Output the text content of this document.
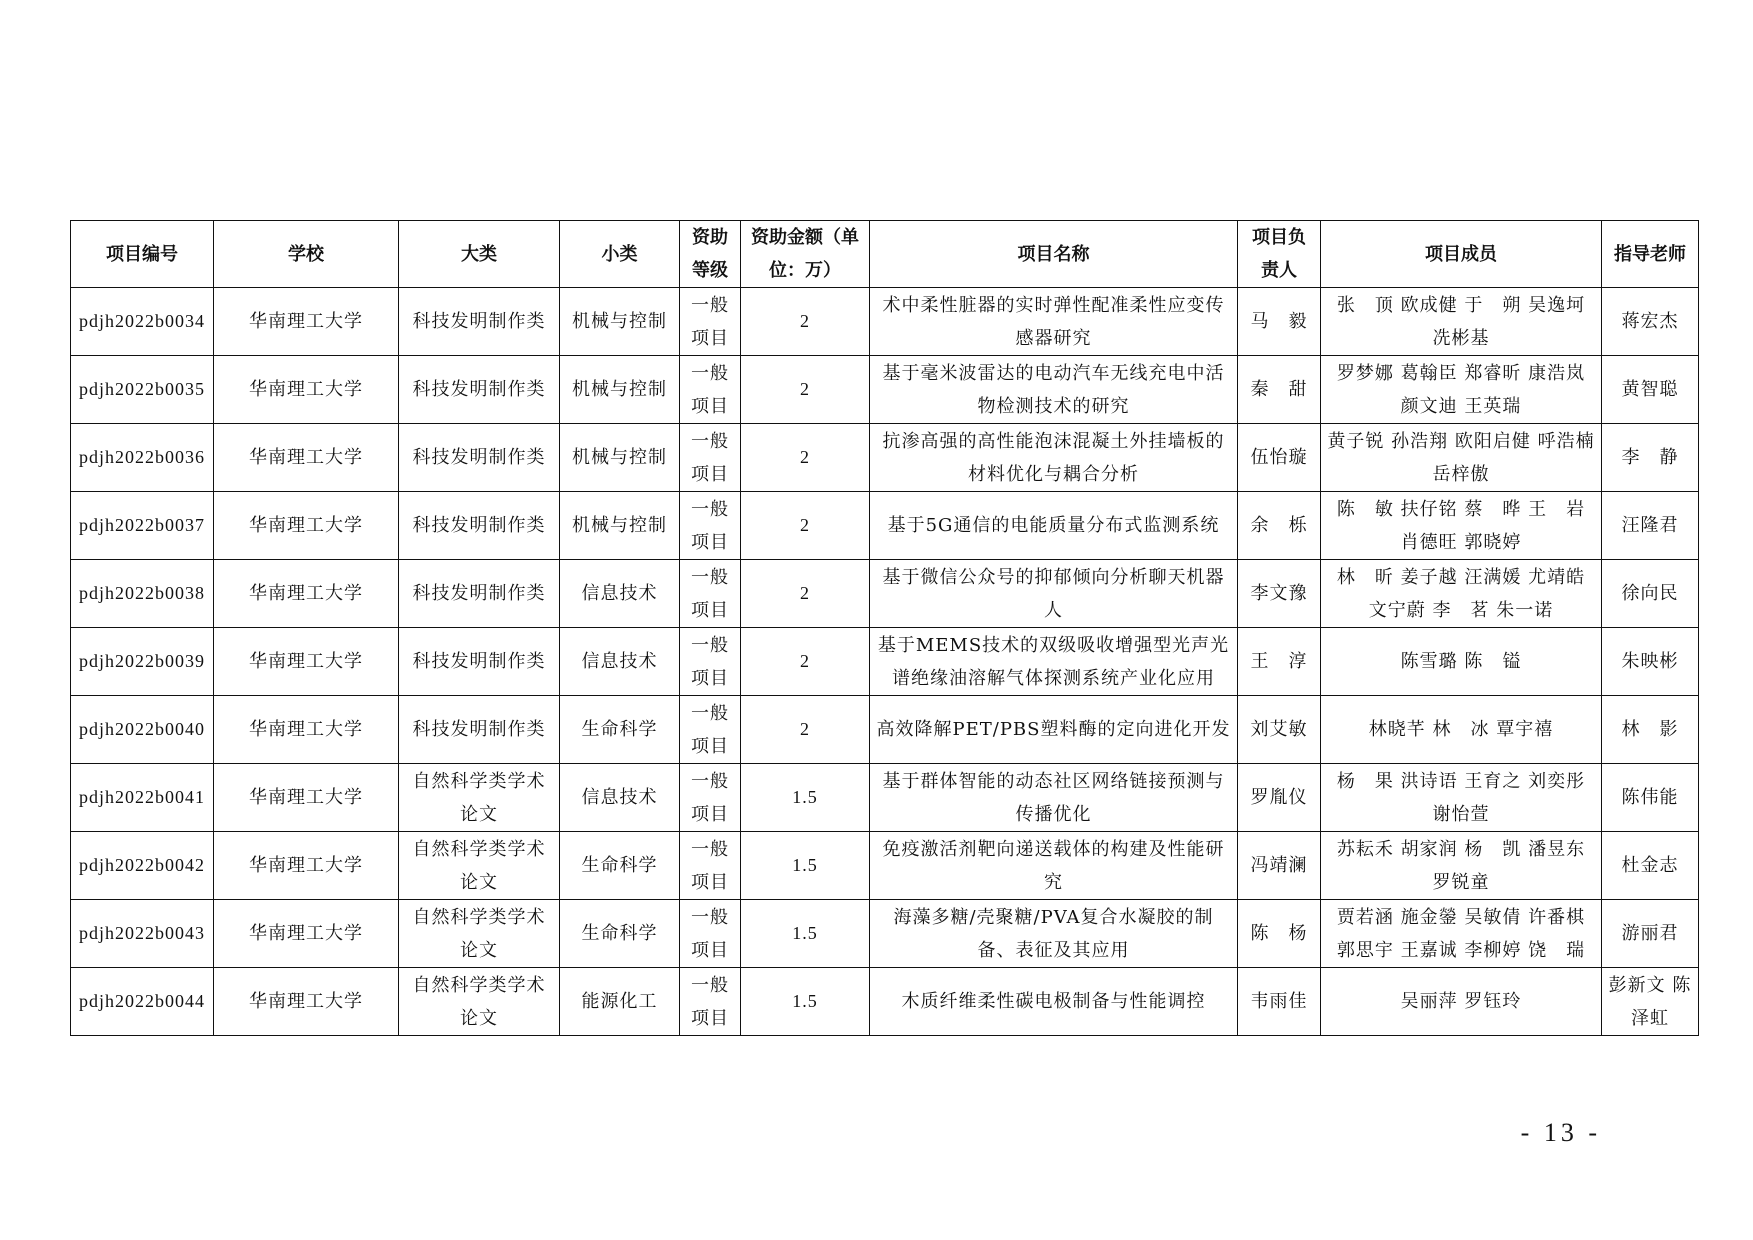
项目编号	学校	大类	小类	资助等级	资助金额（单位：万）	项目名称	项目负责人	项目成员	指导老师
pdjh2022b0034	华南理工大学	科技发明制作类	机械与控制	一般项目	2	术中柔性脏器的实时弹性配准柔性应变传感器研究	马　毅	张　顶 欧成健 于　朔 吴逸坷 冼彬基	蒋宏杰
pdjh2022b0035	华南理工大学	科技发明制作类	机械与控制	一般项目	2	基于毫米波雷达的电动汽车无线充电中活物检测技术的研究	秦　甜	罗梦娜 葛翰臣 郑睿昕 康浩岚 颜文迪 王英瑞	黄智聪
pdjh2022b0036	华南理工大学	科技发明制作类	机械与控制	一般项目	2	抗渗高强的高性能泡沫混凝土外挂墙板的材料优化与耦合分析	伍怡璇	黄子锐 孙浩翔 欧阳启健 呼浩楠 岳梓傲	李　静
pdjh2022b0037	华南理工大学	科技发明制作类	机械与控制	一般项目	2	基于5G通信的电能质量分布式监测系统	余　栎	陈　敏 扶仔铭 蔡　晔 王　岩 肖德旺 郭晓婷	汪隆君
pdjh2022b0038	华南理工大学	科技发明制作类	信息技术	一般项目	2	基于微信公众号的抑郁倾向分析聊天机器人	李文豫	林　昕 姜子越 汪满媛 尤靖皓 文宁蔚 李　茗 朱一诺	徐向民
pdjh2022b0039	华南理工大学	科技发明制作类	信息技术	一般项目	2	基于MEMS技术的双级吸收增强型光声光谱绝缘油溶解气体探测系统产业化应用	王　淳	陈雪璐 陈　镒	朱映彬
pdjh2022b0040	华南理工大学	科技发明制作类	生命科学	一般项目	2	高效降解PET/PBS塑料酶的定向进化开发	刘艾敏	林晓芊 林　冰 覃宇禧	林　影
pdjh2022b0041	华南理工大学	自然科学类学术论文	信息技术	一般项目	1.5	基于群体智能的动态社区网络链接预测与传播优化	罗胤仪	杨　果 洪诗语 王育之 刘奕彤 谢怡萱	陈伟能
pdjh2022b0042	华南理工大学	自然科学类学术论文	生命科学	一般项目	1.5	免疫激活剂靶向递送载体的构建及性能研究	冯靖澜	苏耘禾 胡家润 杨　凯 潘昱东 罗锐童	杜金志
pdjh2022b0043	华南理工大学	自然科学类学术论文	生命科学	一般项目	1.5	海藻多糖/壳聚糖/PVA复合水凝胶的制备、表征及其应用	陈　杨	贾若涵 施金鎣 吴敏倩 许番棋 郭思宇 王嘉诚 李柳婷 饶　瑞	游丽君
pdjh2022b0044	华南理工大学	自然科学类学术论文	能源化工	一般项目	1.5	木质纤维柔性碳电极制备与性能调控	韦雨佳	吴丽萍 罗钰玲	彭新文 陈泽虹
- 13 -
